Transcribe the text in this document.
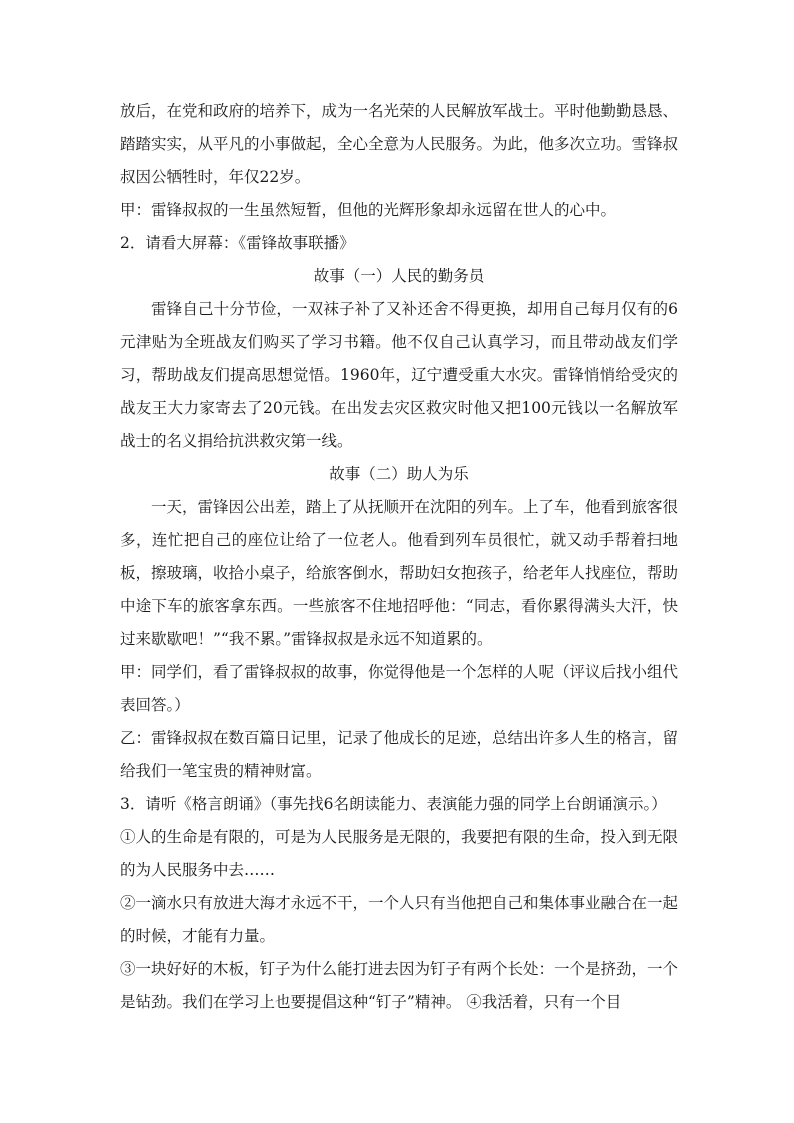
放后，在党和政府的培养下，成为一名光荣的人民解放军战士。平时他勤勤恳恳、踏踏实实，从平凡的小事做起，全心全意为人民服务。为此，他多次立功。雪锋叔叔因公牺牲时，年仅22岁。

甲：雷锋叔叔的一生虽然短暂，但他的光辉形象却永远留在世人的心中。

2．请看大屏幕：《雷锋故事联播》

故事（一）人民的勤务员

雷锋自己十分节俭，一双袜子补了又补还舍不得更换，却用自己每月仅有的6元津贴为全班战友们购买了学习书籍。他不仅自己认真学习，而且带动战友们学习，帮助战友们提高思想觉悟。1960年，辽宁遭受重大水灾。雷锋悄悄给受灾的战友王大力家寄去了20元钱。在出发去灾区救灾时他又把100元钱以一名解放军战士的名义捐给抗洪救灾第一线。

故事（二）助人为乐

一天，雷锋因公出差，踏上了从抚顺开在沈阳的列车。上了车，他看到旅客很多，连忙把自己的座位让给了一位老人。他看到列车员很忙，就又动手帮着扫地板，擦玻璃，收拾小桌子，给旅客倒水，帮助妇女抱孩子，给老年人找座位，帮助中途下车的旅客拿东西。一些旅客不住地招呼他：“同志，看你累得满头大汗，快过来歇歇吧！”“我不累。”雷锋叔叔是永远不知道累的。

甲：同学们，看了雷锋叔叔的故事，你觉得他是一个怎样的人呢（评议后找小组代表回答。）

乙：雷锋叔叔在数百篇日记里，记录了他成长的足迹，总结出许多人生的格言，留给我们一笔宝贵的精神财富。

3．请听《格言朗诵》（事先找6名朗读能力、表演能力强的同学上台朗诵演示。）

①人的生命是有限的，可是为人民服务是无限的，我要把有限的生命，投入到无限的为人民服务中去……

②一滴水只有放进大海才永远不干，一个人只有当他把自己和集体事业融合在一起的时候，才能有力量。

③一块好好的木板，钉子为什么能打进去因为钉子有两个长处：一个是挤劲，一个是钻劲。我们在学习上也要提倡这种“钉子”精神。 ④我活着，只有一个目
